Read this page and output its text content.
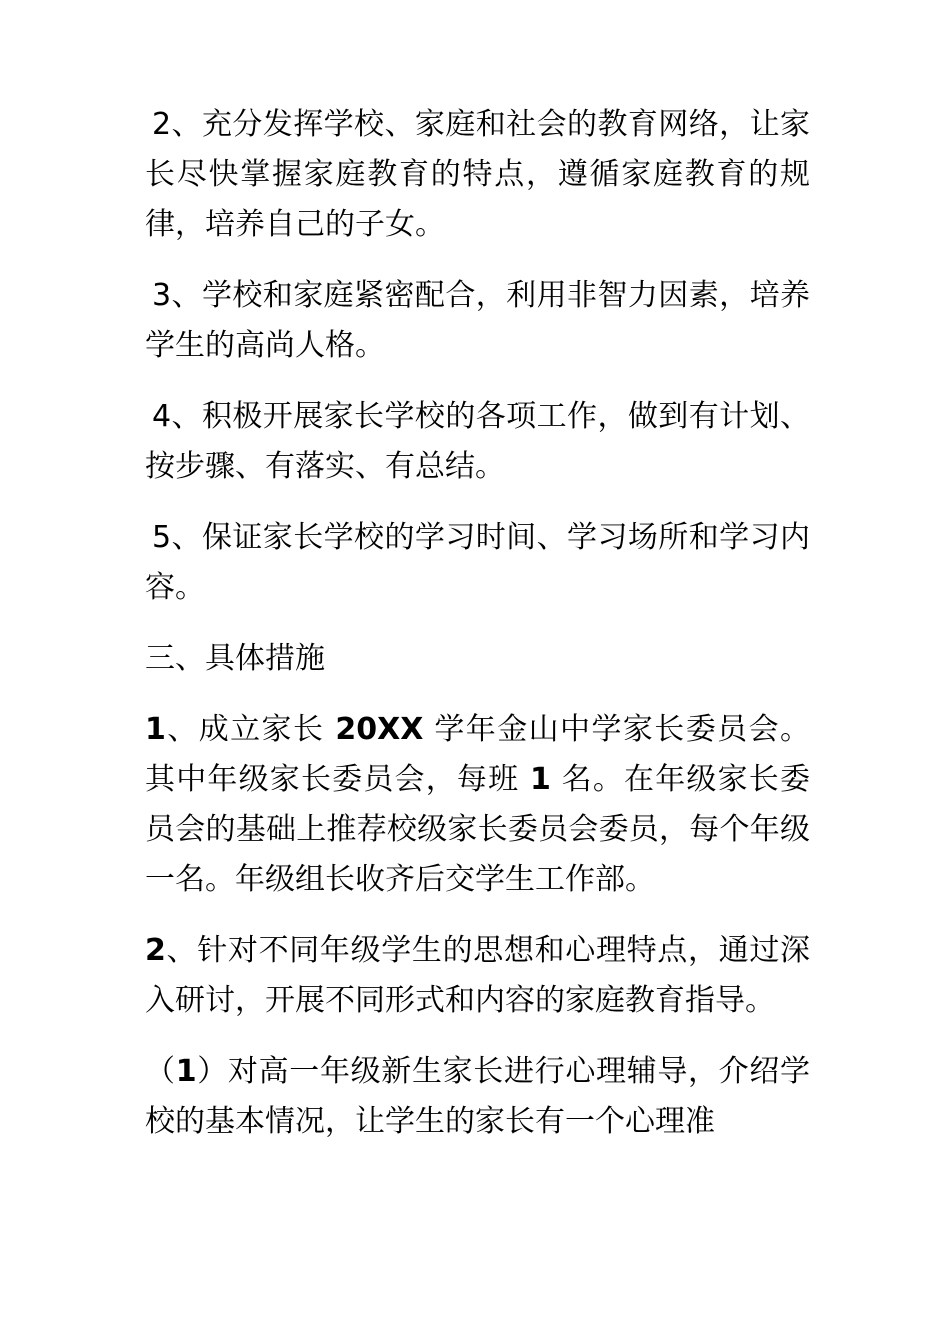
2、充分发挥学校、家庭和社会的教育网络，让家长尽快掌握家庭教育的特点，遵循家庭教育的规律，培养自己的子女。

3、学校和家庭紧密配合，利用非智力因素，培养学生的高尚人格。

4、积极开展家长学校的各项工作，做到有计划、按步骤、有落实、有总结。

5、保证家长学校的学习时间、学习场所和学习内容。

三、具体措施

1、成立家长 20XX 学年金山中学家长委员会。其中年级家长委员会，每班 1 名。在年级家长委员会的基础上推荐校级家长委员会委员，每个年级一名。年级组长收齐后交学生工作部。

2、针对不同年级学生的思想和心理特点，通过深入研讨，开展不同形式和内容的家庭教育指导。

（1）对高一年级新生家长进行心理辅导，介绍学校的基本情况，让学生的家长有一个心理准
